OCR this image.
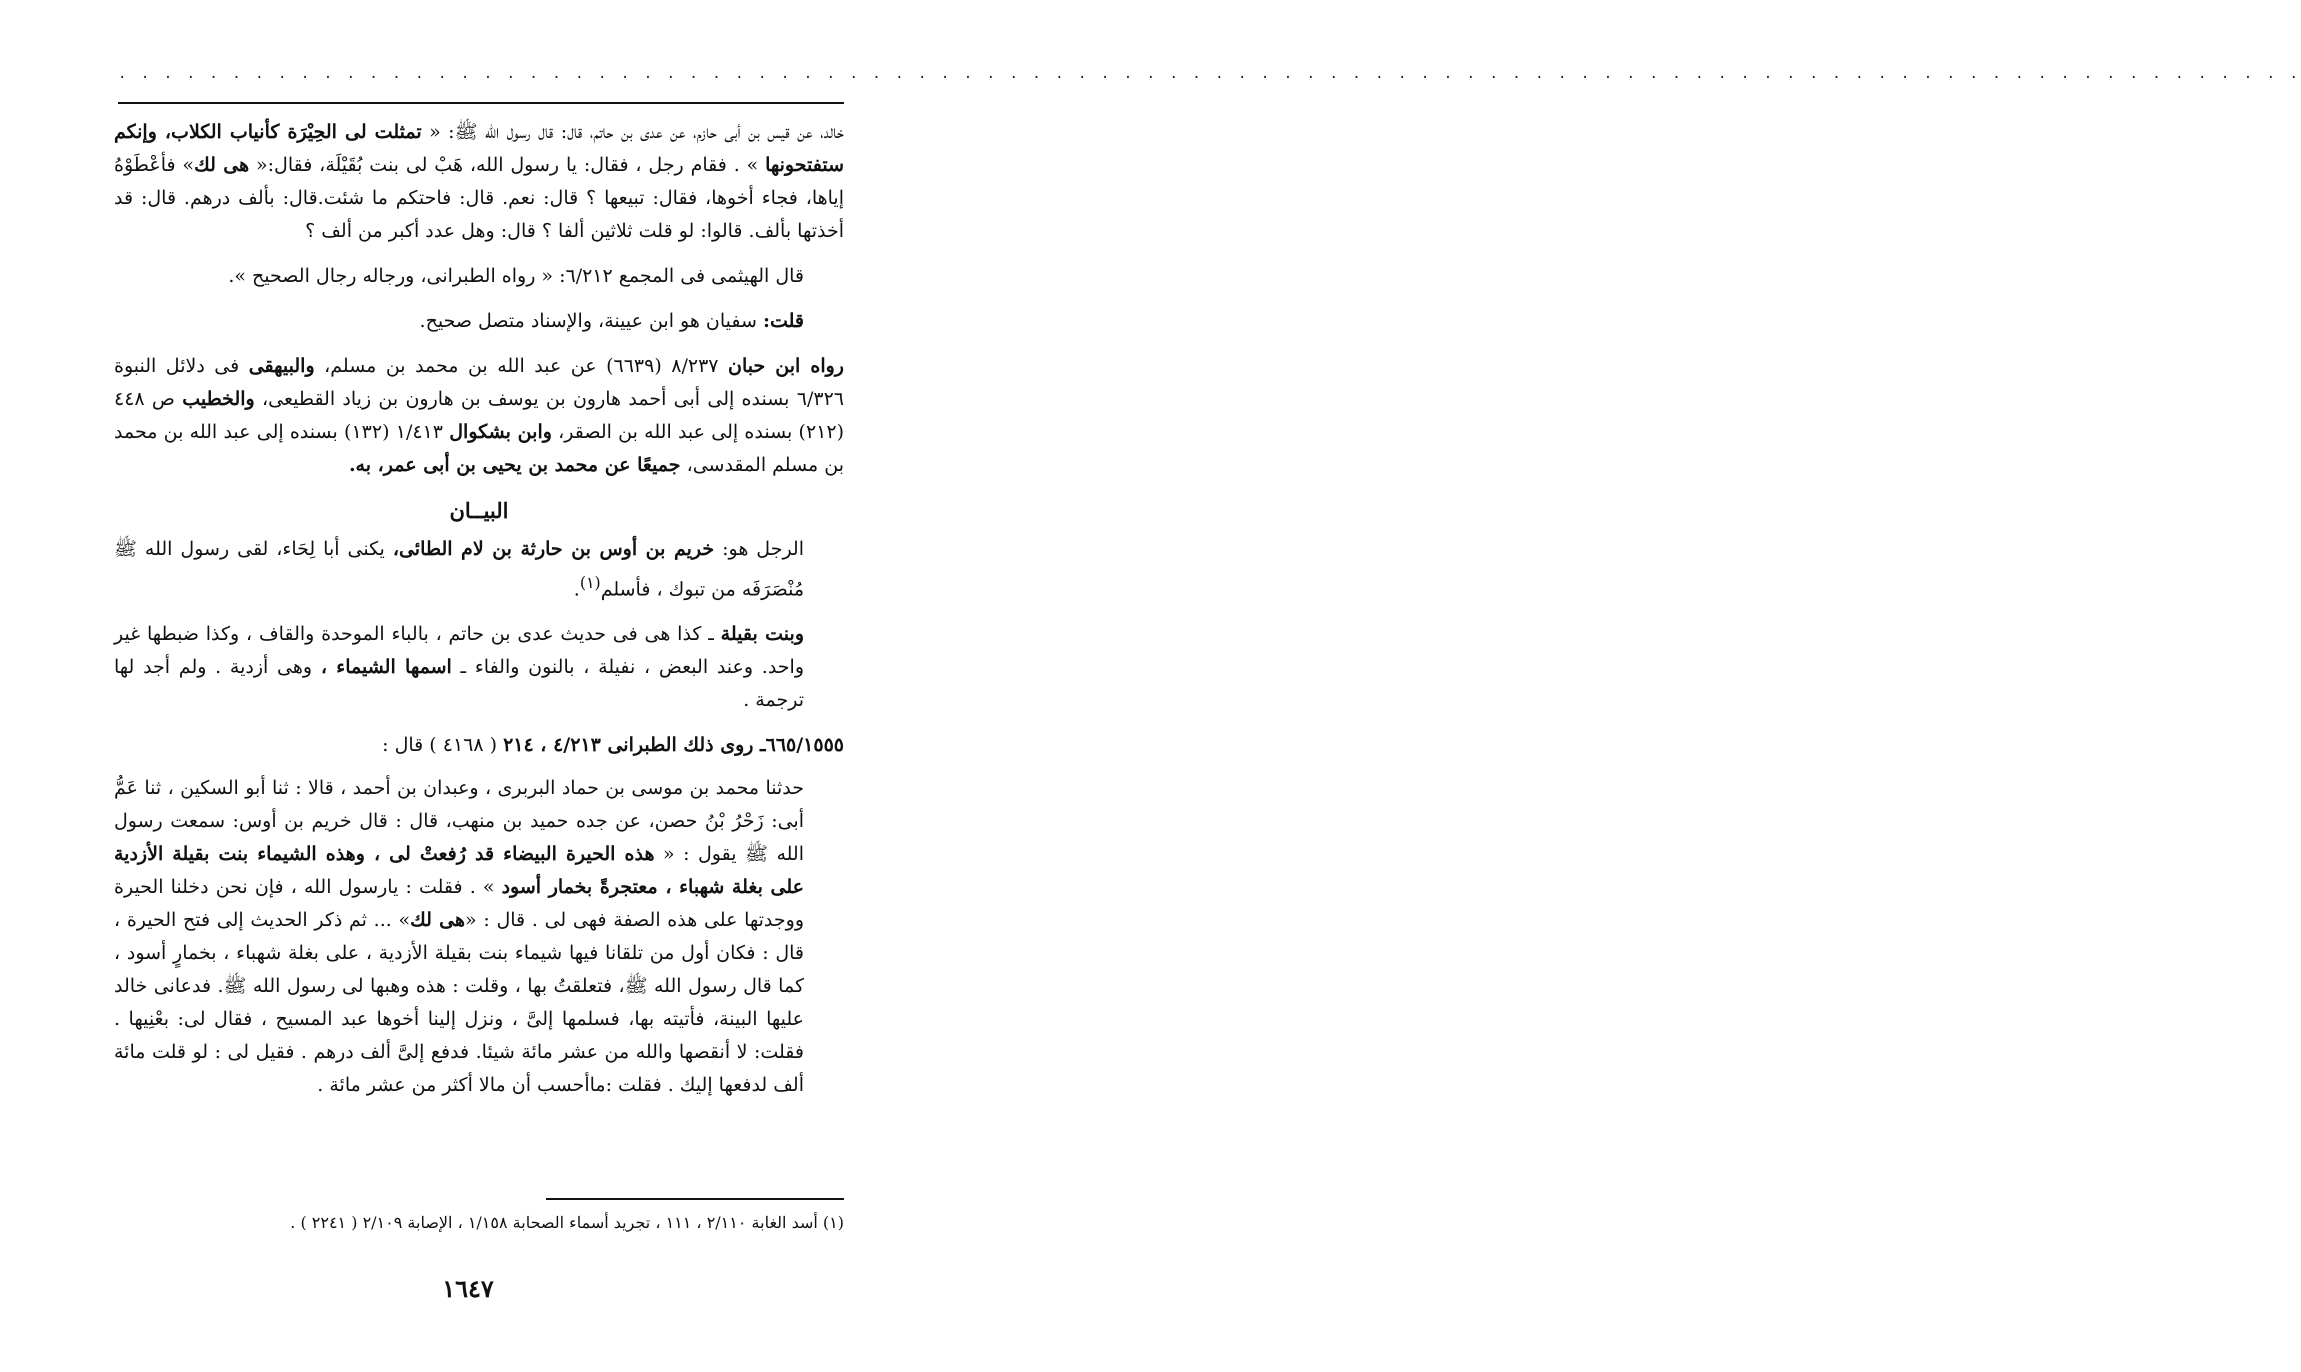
· · · · · · · · · · · · · · · · · · · · · · · · · · · · · · · · · · · · · · · · · · · · · · · · · · · · · · · · · · · · · · · · · · · · · · · · · · · · · · · · · · · · · · · · · · · · · · · ·

خالد، عن قيس بن أبى حازم، عن عدى بن حاتم، قال: قال رسول الله ﷺ: « تمثلت لى الحِيْرَة كأنياب الكلاب، وإنكم ستفتحونها » . فقام رجل ، فقال: يا رسول الله، هَبْ لى بنت بُقَيْلَة، فقال:« هى لك» فأعْطَوْهُ إياها، فجاء أخوها، فقال: تبيعها ؟ قال: نعم. قال: فاحتكم ما شئت.قال: بألف درهم. قال: قد أخذتها بألف. قالوا: لو قلت ثلاثين ألفا ؟ قال: وهل عدد أكبر من ألف ؟

قال الهيثمى فى المجمع ٦/٢١٢: « رواه الطبرانى، ورجاله رجال الصحيح ».

قلت: سفيان هو ابن عيينة، والإسناد متصل صحيح.

رواه ابن حبان ٨/٢٣٧ (٦٦٣٩) عن عبد الله بن محمد بن مسلم، والبيهقى فى دلائل النبوة ٦/٣٢٦ بسنده إلى أبى أحمد هارون بن يوسف بن هارون بن زياد القطيعى، والخطيب ص ٤٤٨ (٢١٢) بسنده إلى عبد الله بن الصقر، وابن بشكوال ١/٤١٣ (١٣٢) بسنده إلى عبد الله بن محمد بن مسلم المقدسى، جميعًا عن محمد بن يحيى بن أبى عمر، به.

البيــان

الرجل هو: خريم بن أوس بن حارثة بن لام الطائى، يكنى أبا لِحَاء، لقى رسول الله ﷺ مُنْصَرَفَه من تبوك ، فأسلم$^{(١)}$.

وبنت بقيلة ـ كذا هى فى حديث عدى بن حاتم ، بالباء الموحدة والقاف ، وكذا ضبطها غير واحد. وعند البعض ، نفيلة ، بالنون والفاء ـ اسمها الشيماء ، وهى أزدية . ولم أجد لها ترجمة .

٦٦٥/١٥٥٥ـ روى ذلك الطبرانى ٤/٢١٣ ، ٢١٤ ( ٤١٦٨ ) قال :

حدثنا محمد بن موسى بن حماد البربرى ، وعبدان بن أحمد ، قالا : ثنا أبو السكين ، ثنا عَمُّ أبى: زَحْرُ بْنُ حصن، عن جده حميد بن منهب، قال : قال خريم بن أوس: سمعت رسول الله ﷺ يقول : « هذه الحيرة البيضاء قد رُفعتْ لى ، وهذه الشيماء بنت بقيلة الأزدية على بغلة شهباء ، معتجرةً بخمار أسود » . فقلت : يارسول الله ، فإن نحن دخلنا الحيرة ووجدتها على هذه الصفة فهى لى . قال : «هى لك» ... ثم ذكر الحديث إلى فتح الحيرة ، قال : فكان أول من تلقانا فيها شيماء بنت بقيلة الأزدية ، على بغلة شهباء ، بخمارٍ أسود ، كما قال رسول الله ﷺ، فتعلقتُ بها ، وقلت : هذه وهبها لى رسول الله ﷺ. فدعانى خالد عليها البينة، فأتيته بها، فسلمها إلىَّ ، ونزل إلينا أخوها عبد المسيح ، فقال لى: بعْنِيها . فقلت: لا أنقصها والله من عشر مائة شيئا. فدفع إلىَّ ألف درهم . فقيل لى : لو قلت مائة ألف لدفعها إليك . فقلت :ماأحسب أن مالا أكثر من عشر مائة .

(١) أسد الغابة ٢/١١٠ ، ١١١ ، تجريد أسماء الصحابة ١/١٥٨ ، الإصابة ٢/١٠٩ ( ٢٢٤١ ) .
١٦٤٧
